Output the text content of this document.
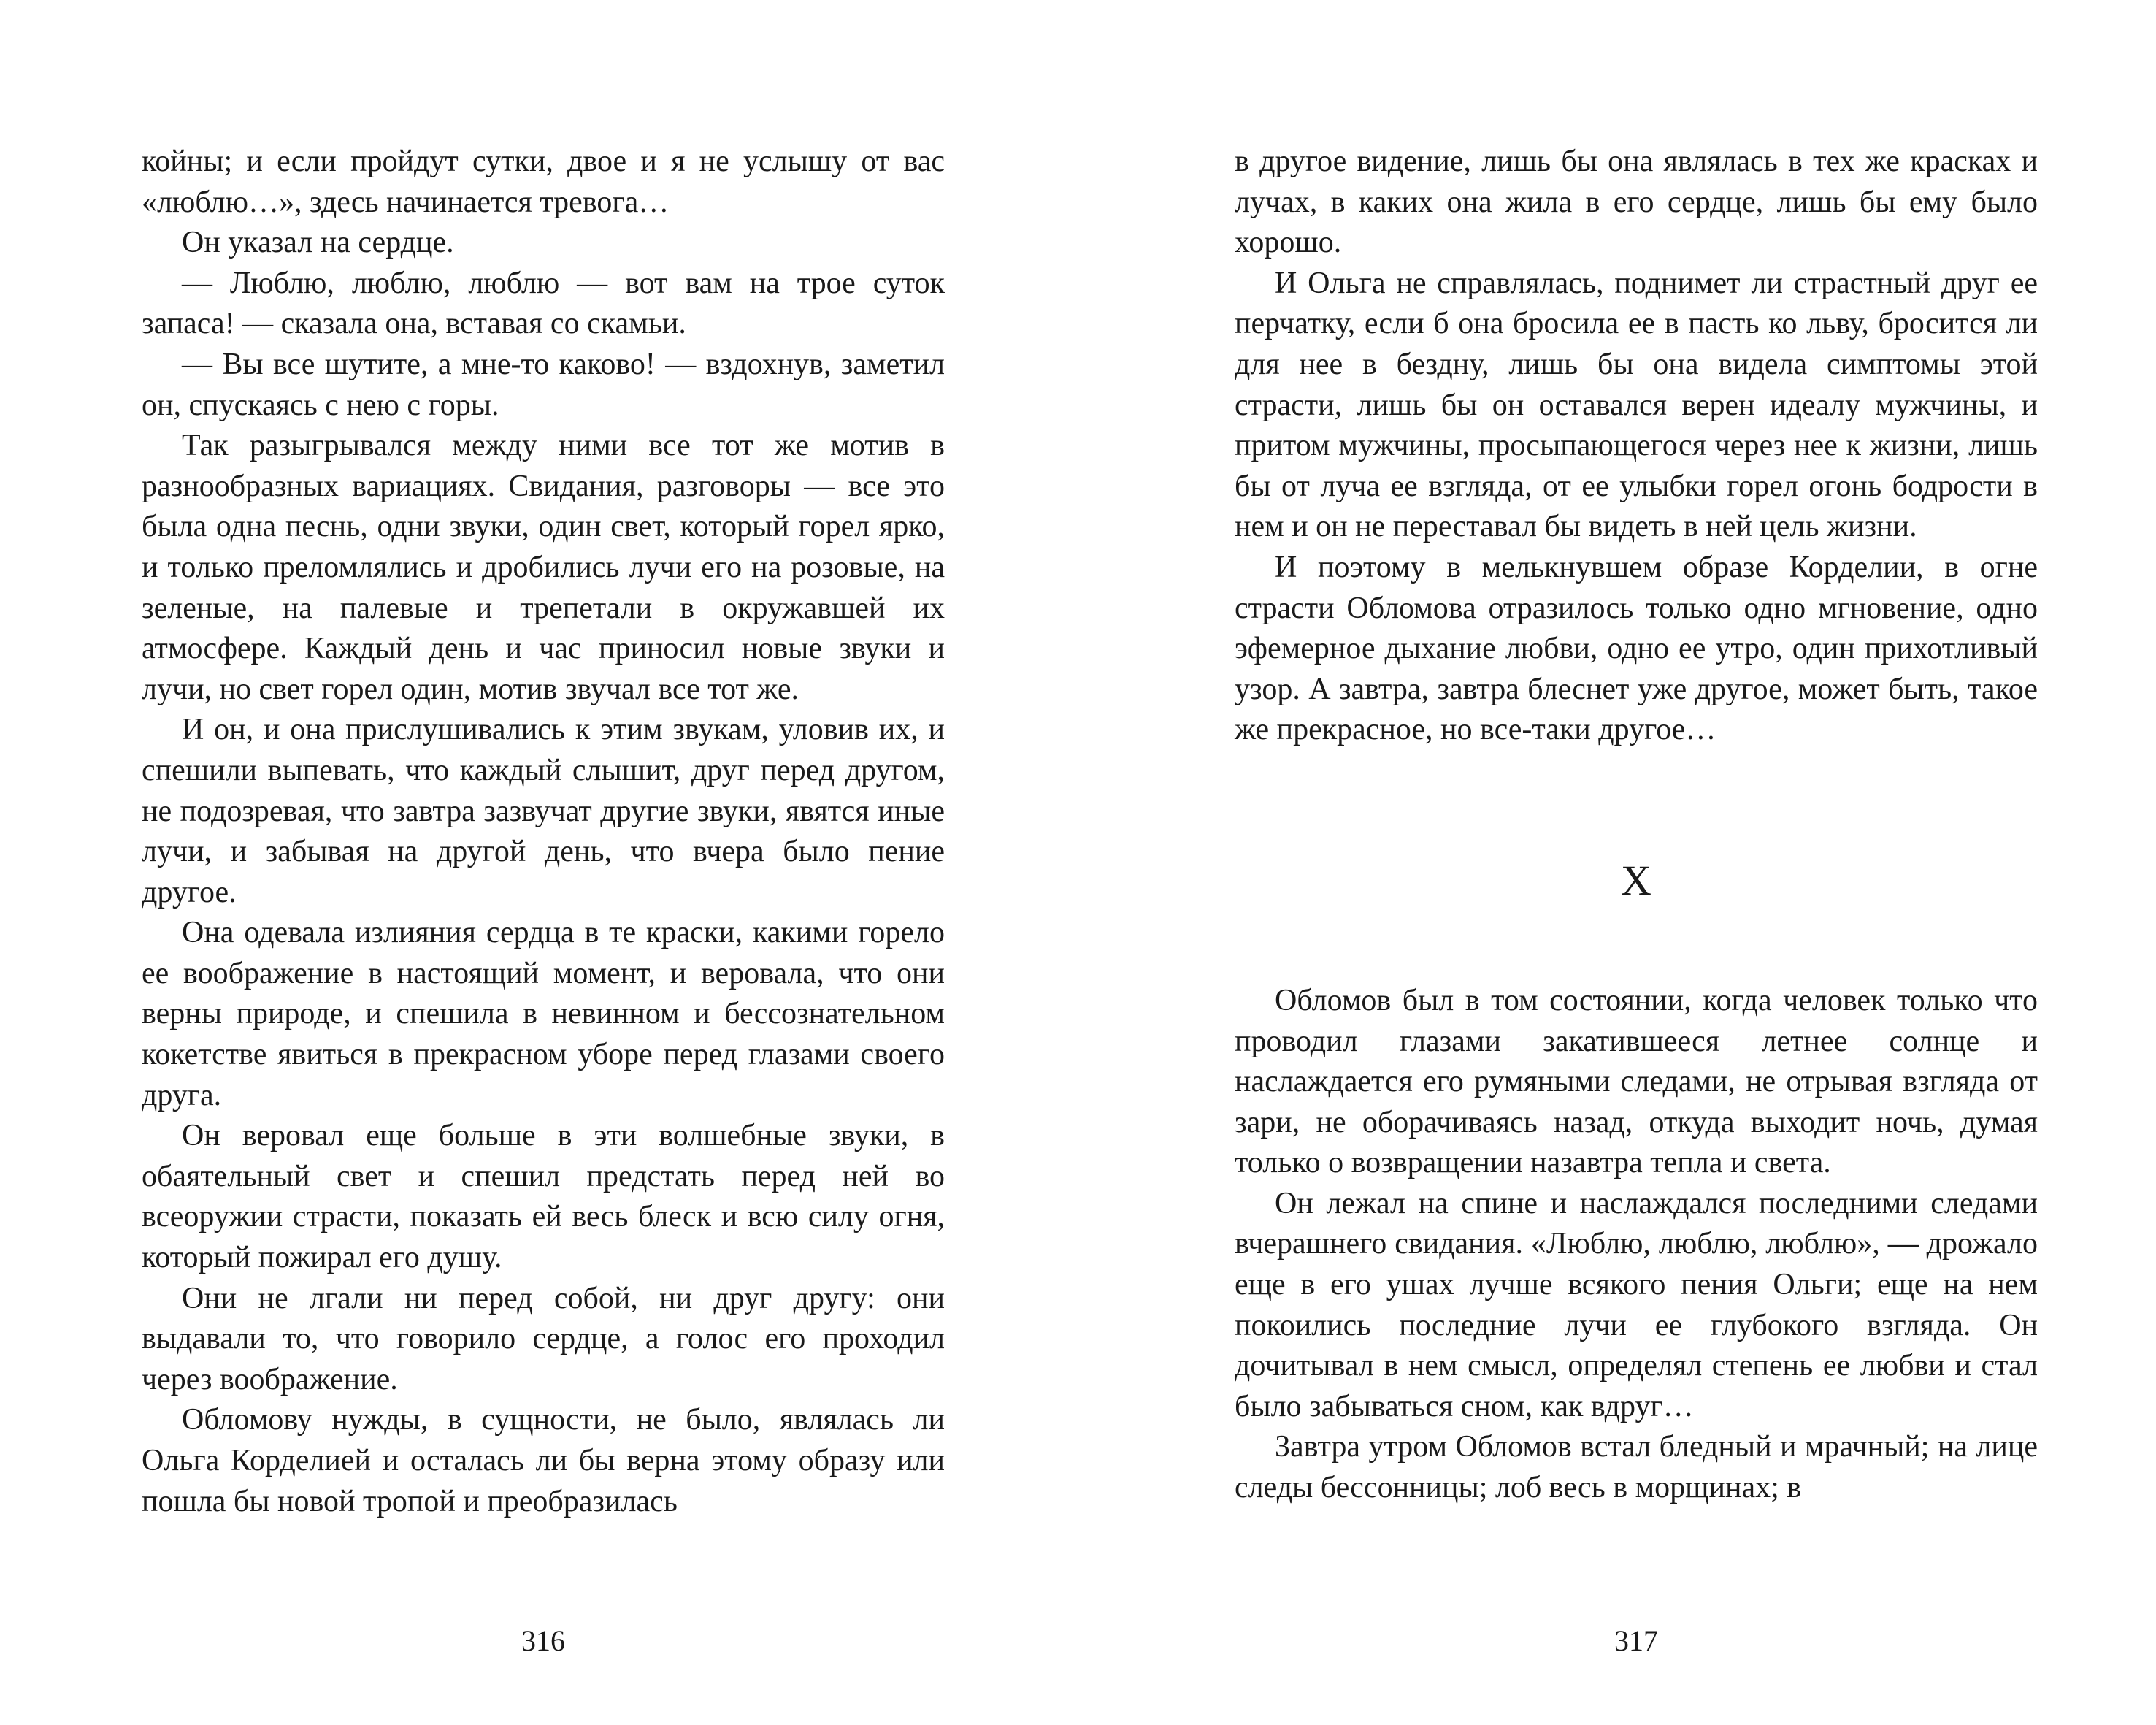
койны; и если пройдут сутки, двое и я не услышу от вас «люблю…», здесь начинается тревога…

Он указал на сердце.

— Люблю, люблю, люблю — вот вам на трое суток запаса! — сказала она, вставая со скамьи.

— Вы все шутите, а мне-то каково! — вздохнув, заметил он, спускаясь с нею с горы.

Так разыгрывался между ними все тот же мотив в разнообразных вариациях. Свидания, разговоры — все это была одна песнь, одни звуки, один свет, который горел ярко, и только преломлялись и дробились лучи его на розовые, на зеленые, на палевые и трепетали в окружавшей их атмосфере. Каждый день и час приносил новые звуки и лучи, но свет горел один, мотив звучал все тот же.

И он, и она прислушивались к этим звукам, уловив их, и спешили выпевать, что каждый слышит, друг перед другом, не подозревая, что завтра зазвучат другие звуки, явятся иные лучи, и забывая на другой день, что вчера было пение другое.

Она одевала излияния сердца в те краски, какими горело ее воображение в настоящий момент, и веровала, что они верны природе, и спешила в невинном и бессознательном кокетстве явиться в прекрасном уборе перед глазами своего друга.

Он веровал еще больше в эти волшебные звуки, в обаятельный свет и спешил предстать перед ней во всеоружии страсти, показать ей весь блеск и всю силу огня, который пожирал его душу.

Они не лгали ни перед собой, ни друг другу: они выдавали то, что говорило сердце, а голос его проходил через воображение.

Обломову нужды, в сущности, не было, являлась ли Ольга Корделией и осталась ли бы верна этому образу или пошла бы новой тропой и преобразилась

316

в другое видение, лишь бы она являлась в тех же красках и лучах, в каких она жила в его сердце, лишь бы ему было хорошо.

И Ольга не справлялась, поднимет ли страстный друг ее перчатку, если б она бросила ее в пасть ко льву, бросится ли для нее в бездну, лишь бы она видела симптомы этой страсти, лишь бы он оставался верен идеалу мужчины, и притом мужчины, просыпающегося через нее к жизни, лишь бы от луча ее взгляда, от ее улыбки горел огонь бодрости в нем и он не переставал бы видеть в ней цель жизни.

И поэтому в мелькнувшем образе Корделии, в огне страсти Обломова отразилось только одно мгновение, одно эфемерное дыхание любви, одно ее утро, один прихотливый узор. А завтра, завтра блеснет уже другое, может быть, такое же прекрасное, но все-таки другое…

X

Обломов был в том состоянии, когда человек только что проводил глазами закатившееся летнее солнце и наслаждается его румяными следами, не отрывая взгляда от зари, не оборачиваясь назад, откуда выходит ночь, думая только о возвращении назавтра тепла и света.

Он лежал на спине и наслаждался последними следами вчерашнего свидания. «Люблю, люблю, люблю», — дрожало еще в его ушах лучше всякого пения Ольги; еще на нем покоились последние лучи ее глубокого взгляда. Он дочитывал в нем смысл, определял степень ее любви и стал было забываться сном, как вдруг…

Завтра утром Обломов встал бледный и мрачный; на лице следы бессонницы; лоб весь в морщинах; в

317
